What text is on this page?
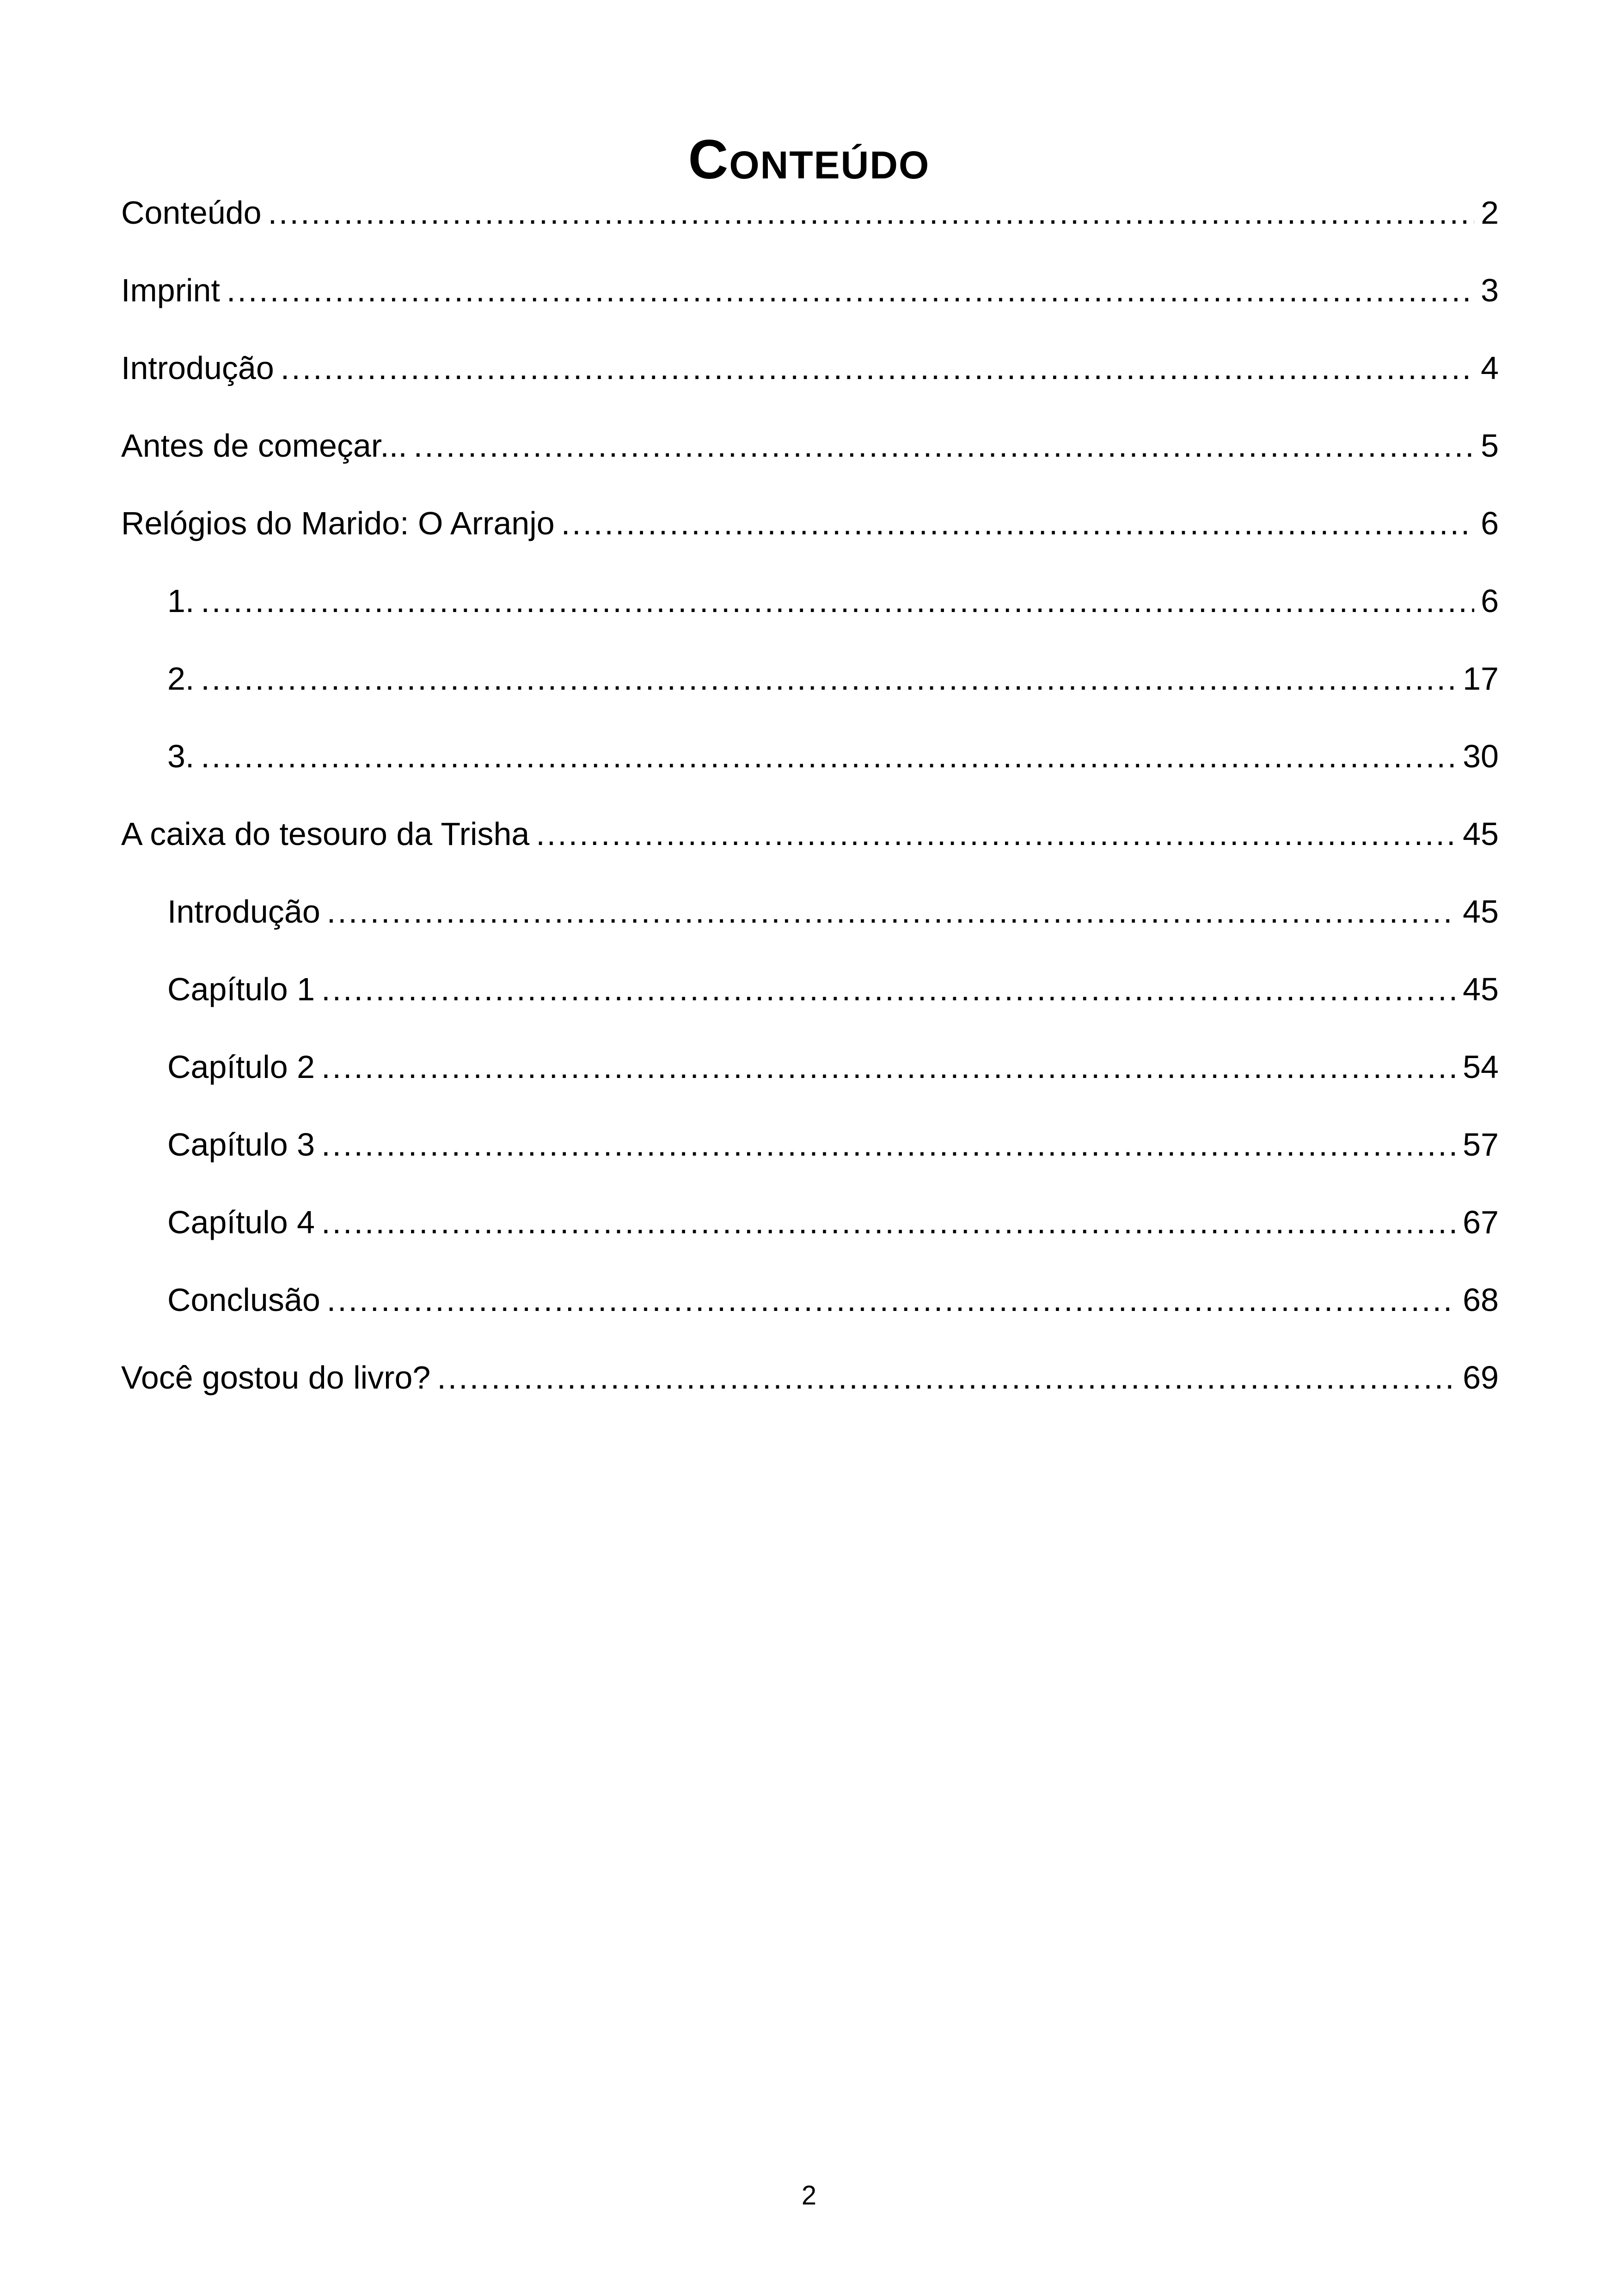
Conteúdo
Conteúdo .....	2
Imprint .....	3
Introdução .....	4
Antes de começar... .....	5
Relógios do Marido: O Arranjo .....	6
1. .....	6
2. .....	17
3. .....	30
A caixa do tesouro da Trisha .....	45
Introdução .....	45
Capítulo 1 .....	45
Capítulo 2 .....	54
Capítulo 3 .....	57
Capítulo 4 .....	67
Conclusão .....	68
Você gostou do livro? .....	69
2
